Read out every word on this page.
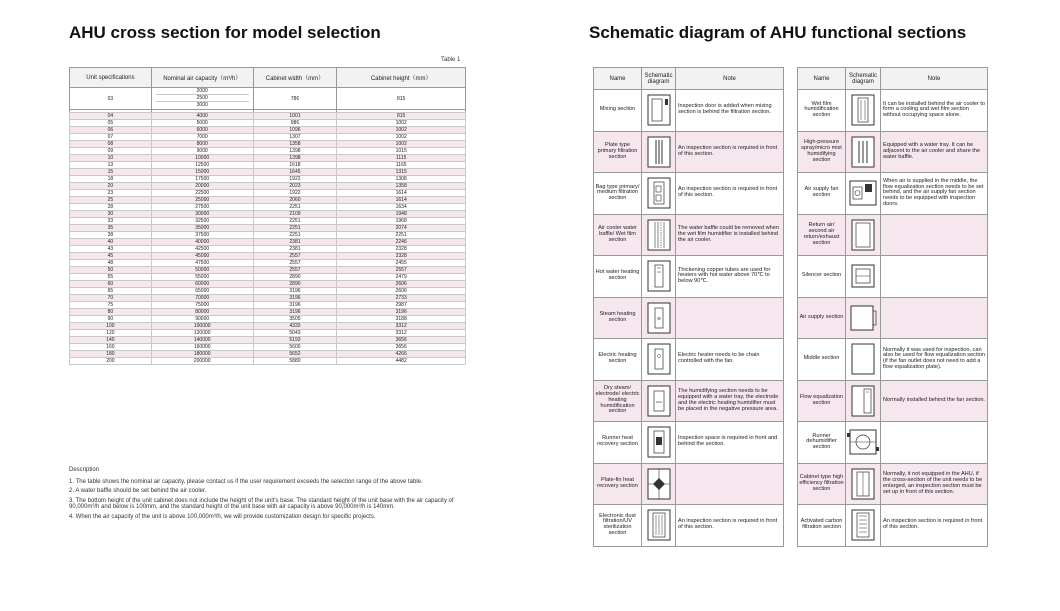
AHU cross section for model selection	Schematic diagram of AHU functional sections
Table 1
Unit specifications	Nominal air capacity（m³/h）	Cabinet width（mm）	Cabinet height（mm）
03	2000
2500
3000	786	815

04	4000	1001	815
05	5000	986	1002
06	6000	1096	1002
07	7000	1307	1002
08	8000	1358	1002
09	9000	1398	1015
10	10000	1398	1115
13	12500	1618	1165
15	15000	1645	1315
18	17500	1922	1308
20	20000	2023	1358
23	22500	1922	1614
25	25000	2060	1614
28	27500	2251	1634
30	30000	2109	1948
33	32500	2251	1968
35	35000	2251	2074
38	37500	2251	2251
40	40000	2381	2246
43	42500	2381	2328
45	45000	2557	2328
48	47500	2557	2455
50	50000	2557	2557
55	55000	2890	2479
60	60000	2890	2606
65	65000	3196	2606
70	70000	3196	2733
75	75000	3196	2987
80	80000	3196	3196
90	90000	3505	3188
100	100000	4333	3312
120	120000	5043	3312
140	140000	5193	3656
160	160000	5600	3656
180	180000	5652	4266
200	200000	5880	4482

Description

1. The table shows the nominal air capacity, please contact us if the user requirement exceeds the selection range of the above table.

2. A water baffle should be set behind the air cooler.

3. The bottom height of the unit cabinet does not include the height of the unit's base. The standard height of the unit base with the air capacity of 90,000m³/h and below is 100mm, and the standard height of the unit base with air capacity is above 90,000m³/h is 140mm.

4. When the air capacity of the unit is above 100,000m³/h, we will provide customization design for specific projects.

Name	Schematic diagram	Note
Mixing section		Inspection door is added when mixing section is behind the filtration section.
Plate type primary filtration section		An inspection section is required in front of this section.
Bag type primary/ medium filtration section		An inspection section is required in front of this section.
Air cooler water baffle/ Wet film section		The water baffle could be removed when the wet film humidifier is installed behind the air cooler.
Hot water heating section		Thickening copper tubes are used for heaters with hot water above 70℃ to below 90℃.
Steam heating section	≋	

Electric heating section		Electric heater needs to be chain controlled with the fan.
Dry steam/ electrode/ electric heating humidification section	HCU	The humidifying section needs to be equipped with a water tray, the electrode and the electric heating humidifier must be placed in the negative pressure area.
Runner heat recovery section		Inspection space is required in front and behind the section.
Plate-fin heat recovery section	

Electronic dust filtration/UV sterilization section		An inspection section is required in front of this section.
Name	Schematic diagram	Note
Wet film humidification section		It can be installed behind the air cooler to form a cooling and wet film section without occupying space alone.
High-pressure spray/micro mist humidifying section		Equipped with a water tray. It can be adjacent to the air cooler and share the water baffle.
Air supply fan section		When air is supplied in the middle, the flow equalization section needs to be set behind, and the air supply fan section needs to be equipped with inspection doors.
Return air/ second air return/exhaust section	

Silencer section	

Air supply section	

Middle section		Normally it was used for inspection, can also be used for flow equalization section (if the fan outlet does not need to add a flow equalization plate).
Flow equalization section		Normally installed behind the fan section.
Runner dehumidifier section	

Cabinet type high efficiency filtration section		Normally, it not equipped in the AHU, if the cross-section of the unit needs to be enlarged, an inspection section must be set up in front of this section.
Activated carbon filtration section		An inspection section is required in front of this section.
